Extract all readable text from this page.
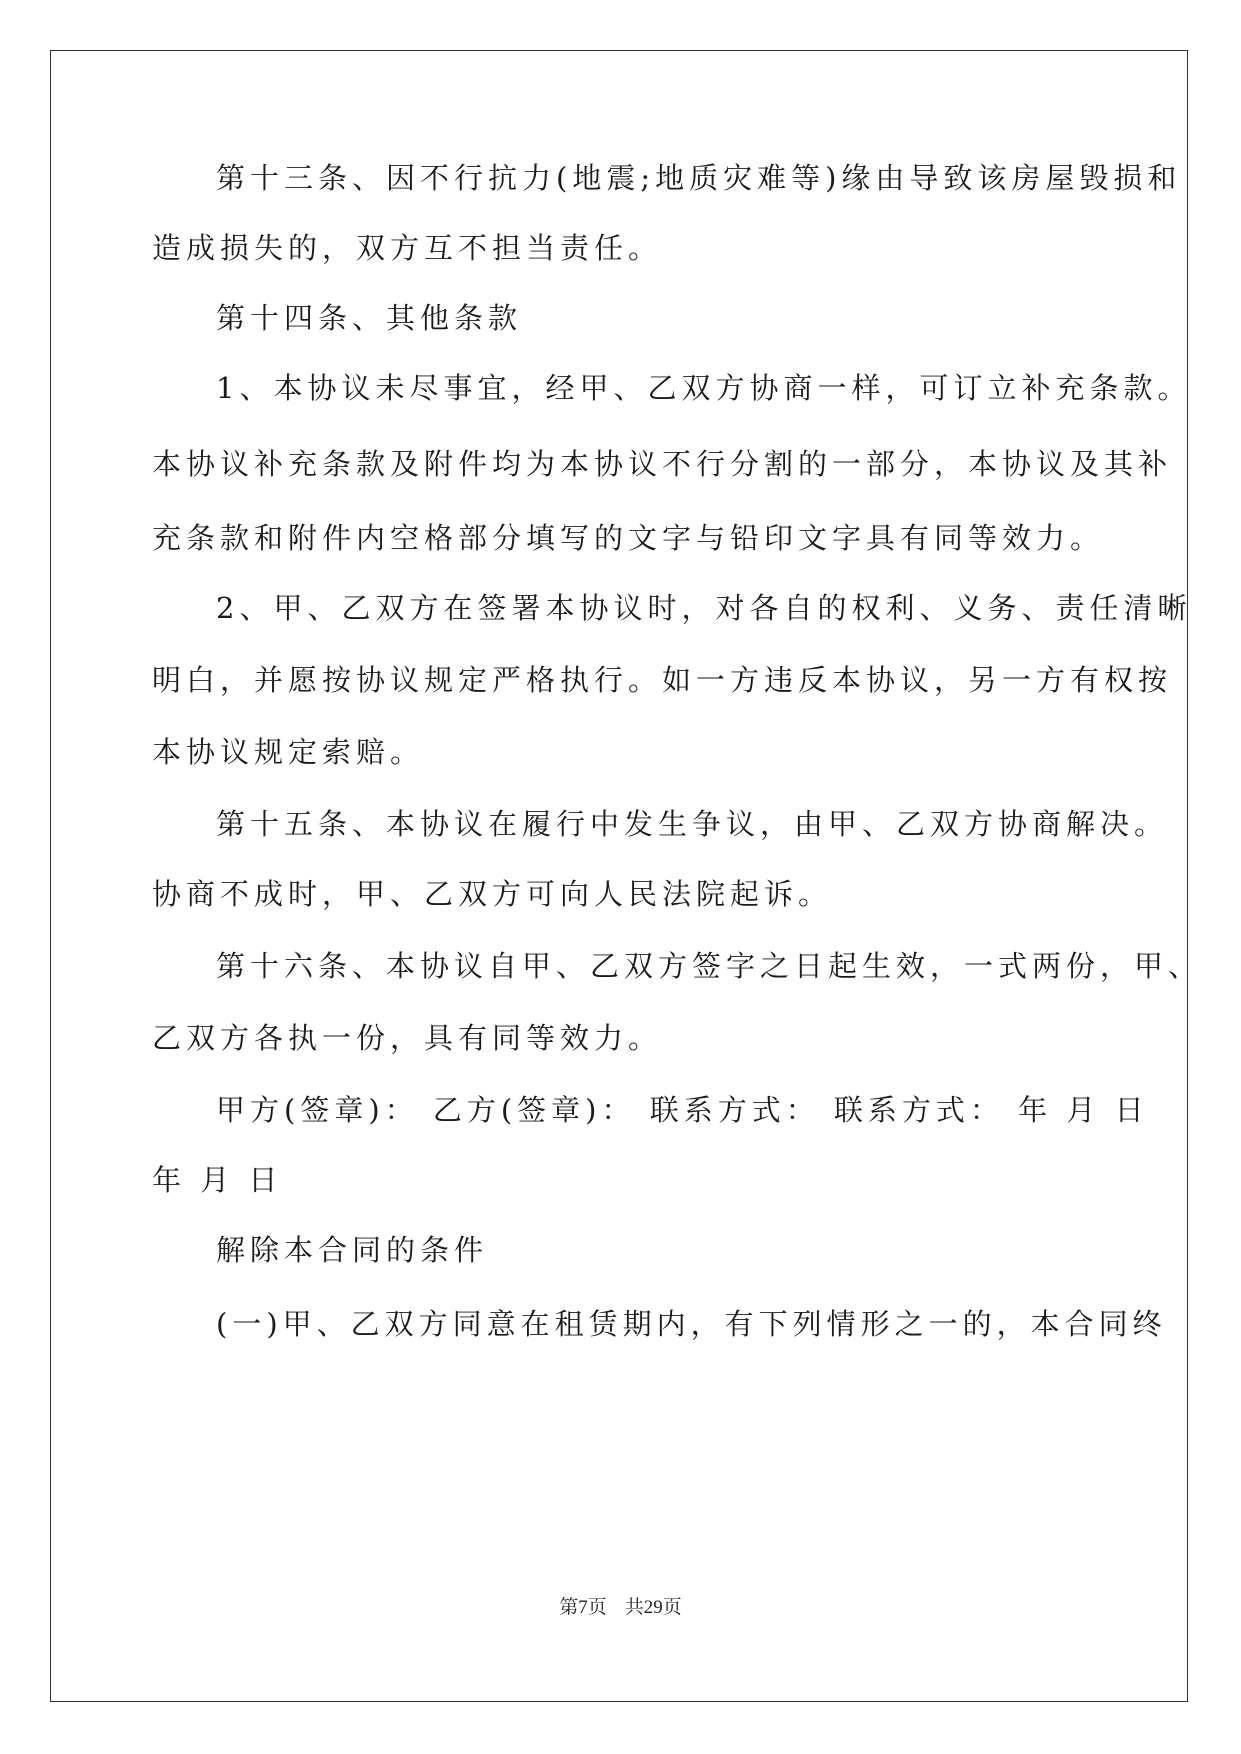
第十三条、因不行抗力(地震;地质灾难等)缘由导致该房屋毁损和
造成损失的，双方互不担当责任。
第十四条、其他条款
1、本协议未尽事宜，经甲、乙双方协商一样，可订立补充条款。
本协议补充条款及附件均为本协议不行分割的一部分，本协议及其补
充条款和附件内空格部分填写的文字与铅印文字具有同等效力。
2、甲、乙双方在签署本协议时，对各自的权利、义务、责任清晰
明白，并愿按协议规定严格执行。如一方违反本协议，另一方有权按
本协议规定索赔。
第十五条、本协议在履行中发生争议，由甲、乙双方协商解决。
协商不成时，甲、乙双方可向人民法院起诉。
第十六条、本协议自甲、乙双方签字之日起生效，一式两份，甲、
乙双方各执一份，具有同等效力。
甲方(签章)： 乙方(签章)： 联系方式： 联系方式： 年 月 日
年 月 日
解除本合同的条件
(一)甲、乙双方同意在租赁期内，有下列情形之一的，本合同终
第7页 共29页
